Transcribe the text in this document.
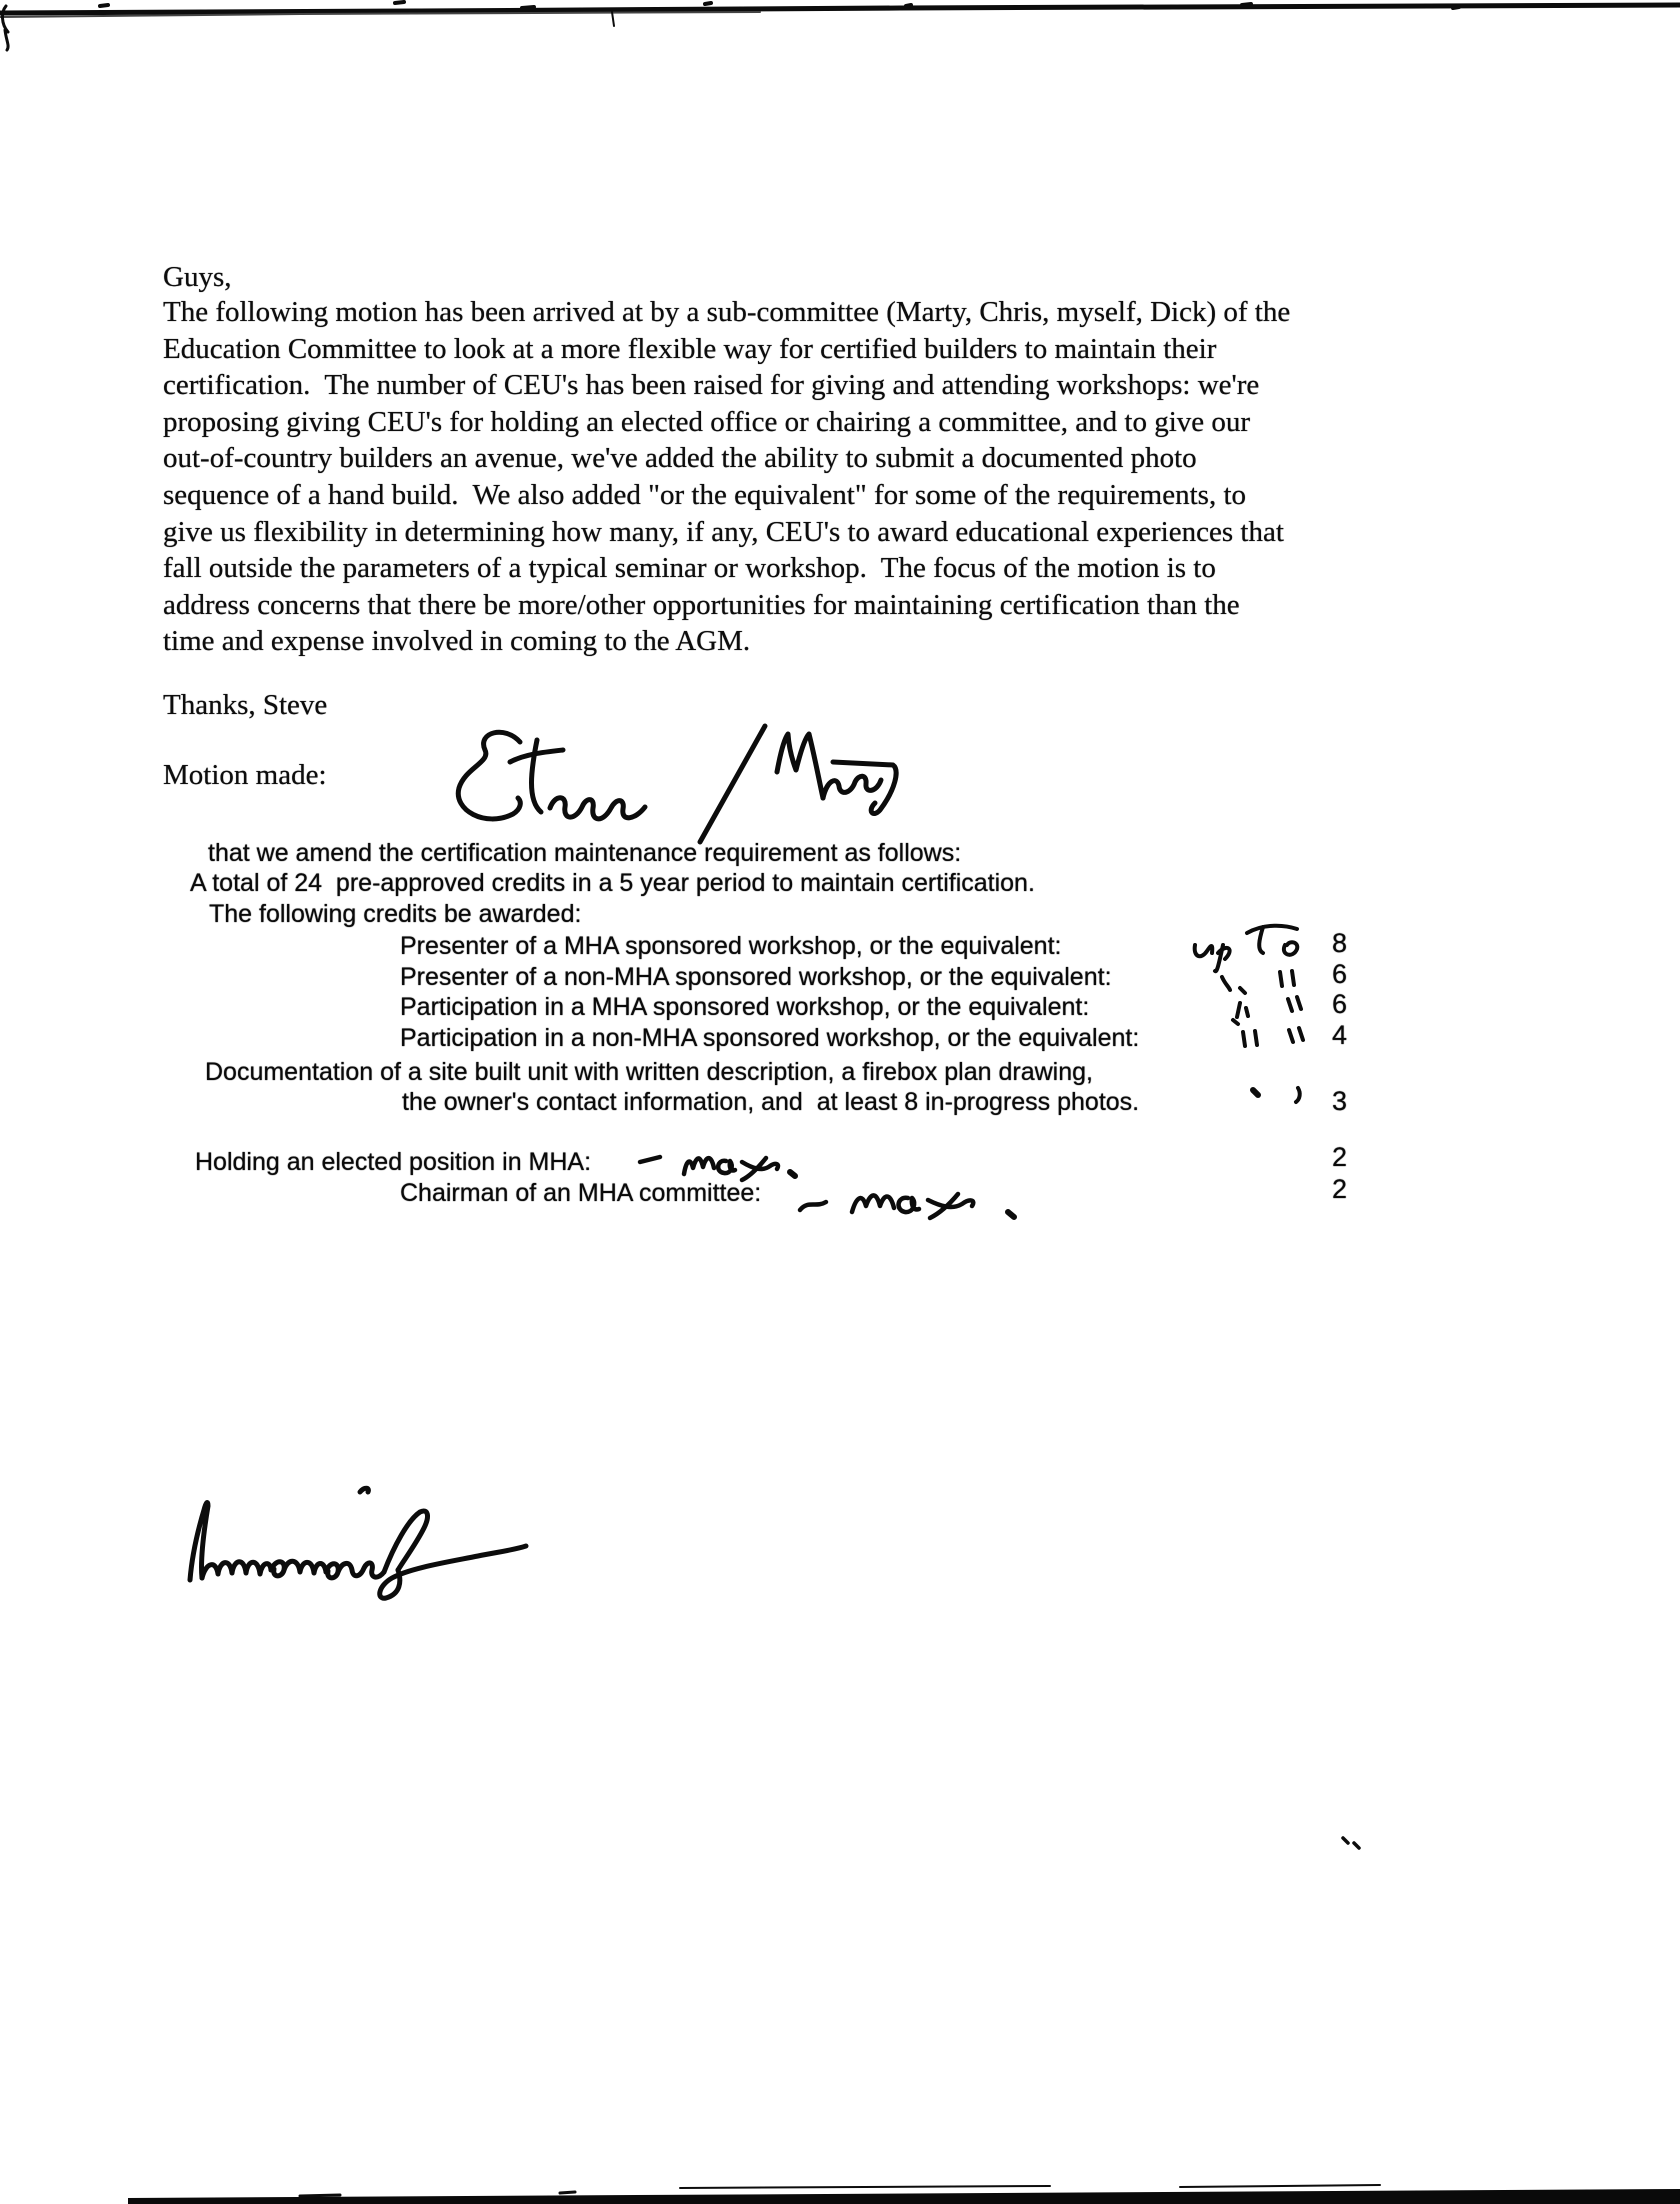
Guys,
The following motion has been arrived at by a sub-committee (Marty, Chris, myself, Dick) of the
Education Committee to look at a more flexible way for certified builders to maintain their
certification.  The number of CEU's has been raised for giving and attending workshops: we're
proposing giving CEU's for holding an elected office or chairing a committee, and to give our
out-of-country builders an avenue, we've added the ability to submit a documented photo
sequence of a hand build.  We also added "or the equivalent" for some of the requirements, to
give us flexibility in determining how many, if any, CEU's to award educational experiences that
fall outside the parameters of a typical seminar or workshop.  The focus of the motion is to
address concerns that there be more/other opportunities for maintaining certification than the
time and expense involved in coming to the AGM.
Thanks, Steve
Motion made:
that we amend the certification maintenance requirement as follows:
A total of 24  pre-approved credits in a 5 year period to maintain certification.
The following credits be awarded:
Presenter of a MHA sponsored workshop, or the equivalent:	8
Presenter of a non-MHA sponsored workshop, or the equivalent:	6
Participation in a MHA sponsored workshop, or the equivalent:	6
Participation in a non-MHA sponsored workshop, or the equivalent:	4
Documentation of a site built unit with written description, a firebox plan drawing,
the owner's contact information, and  at least 8 in-progress photos.	3
Holding an elected position in MHA:	2
Chairman of an MHA committee:	2
